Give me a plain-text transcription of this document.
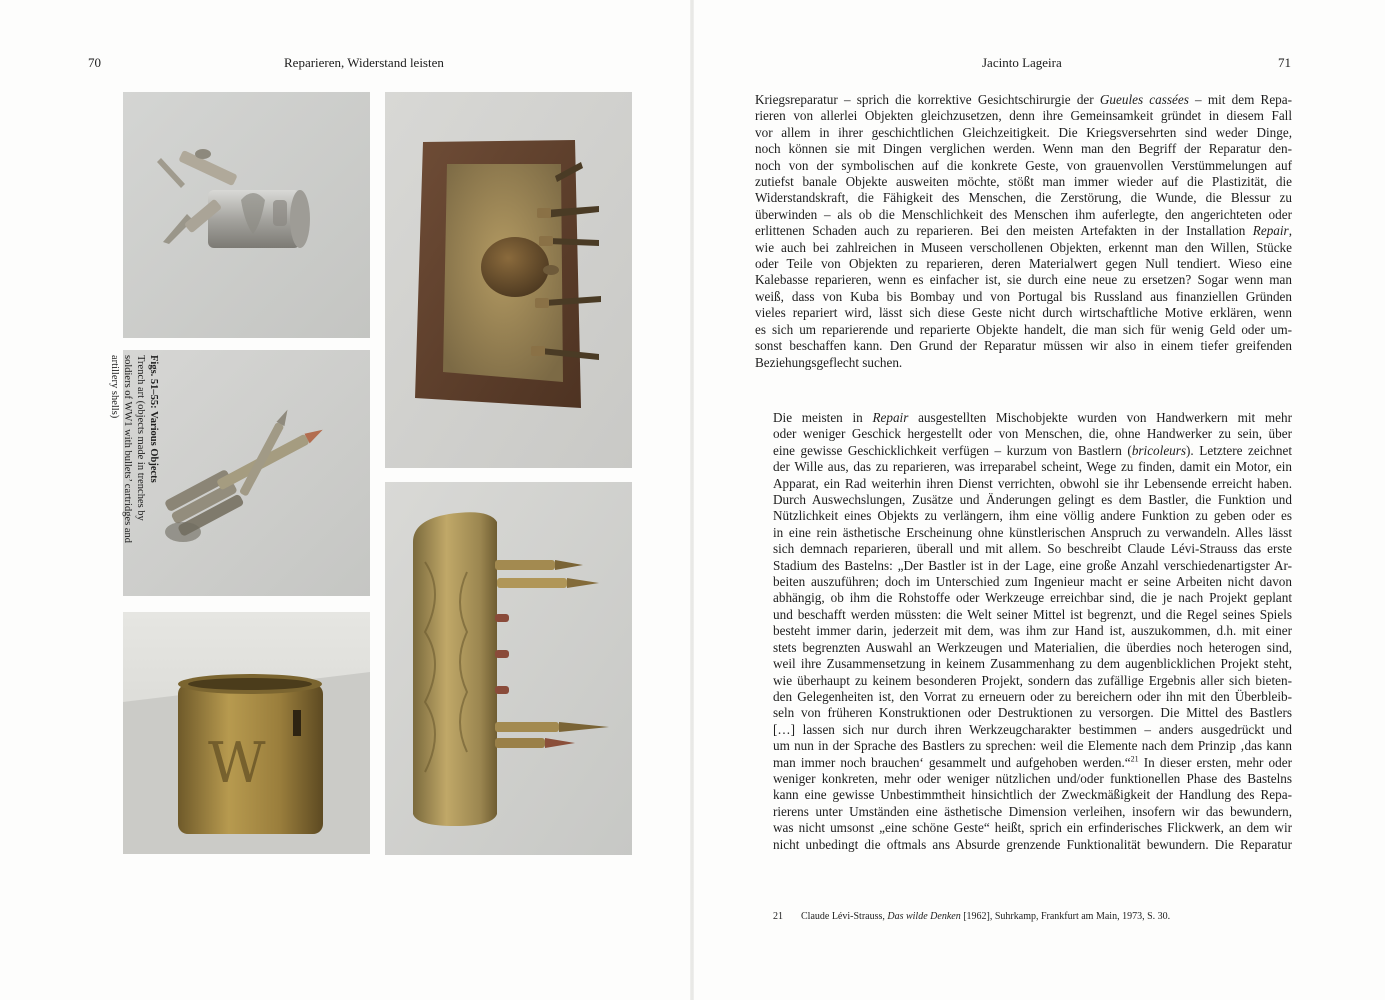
70	Reparieren, Widerstand leisten	Jacinto Lageira	71
W
Figs. 51–55: Various Objects
Trench art (objects made in trenches by soldiers of WW1 with bullets’ cartridges and artillery shells)
Kriegsreparatur – sprich die korrektive Gesichtschirurgie der Gueules cassées – mit dem Repa-
rieren von allerlei Objekten gleichzusetzen, denn ihre Gemeinsamkeit gründet in diesem Fall
vor allem in ihrer geschichtlichen Gleichzeitigkeit. Die Kriegsversehrten sind weder Dinge,
noch können sie mit Dingen verglichen werden. Wenn man den Begriff der Reparatur den-
noch von der symbolischen auf die konkrete Geste, von grauenvollen Verstümmelungen auf
zutiefst banale Objekte ausweiten möchte, stößt man immer wieder auf die Plastizität, die
Widerstandskraft, die Fähigkeit des Menschen, die Zerstörung, die Wunde, die Blessur zu
überwinden – als ob die Menschlichkeit des Menschen ihm auferlegte, den angerichteten oder
erlittenen Schaden auch zu reparieren. Bei den meisten Artefakten in der Installation Repair,
wie auch bei zahlreichen in Museen verschollenen Objekten, erkennt man den Willen, Stücke
oder Teile von Objekten zu reparieren, deren Materialwert gegen Null tendiert. Wieso eine
Kalebasse reparieren, wenn es einfacher ist, sie durch eine neue zu ersetzen? Sogar wenn man
weiß, dass von Kuba bis Bombay und von Portugal bis Russland aus finanziellen Gründen
vieles repariert wird, lässt sich diese Geste nicht durch wirtschaftliche Motive erklären, wenn
es sich um reparierende und reparierte Objekte handelt, die man sich für wenig Geld oder um-
sonst beschaffen kann. Den Grund der Reparatur müssen wir also in einem tiefer greifenden
Beziehungsgeflecht suchen.
Die meisten in Repair ausgestellten Mischobjekte wurden von Handwerkern mit mehr
oder weniger Geschick hergestellt oder von Menschen, die, ohne Handwerker zu sein, über
eine gewisse Geschicklichkeit verfügen – kurzum von Bastlern (bricoleurs). Letztere zeichnet
der Wille aus, das zu reparieren, was irreparabel scheint, Wege zu finden, damit ein Motor, ein
Apparat, ein Rad weiterhin ihren Dienst verrichten, obwohl sie ihr Lebensende erreicht haben.
Durch Auswechslungen, Zusätze und Änderungen gelingt es dem Bastler, die Funktion und
Nützlichkeit eines Objekts zu verlängern, ihm eine völlig andere Funktion zu geben oder es
in eine rein ästhetische Erscheinung ohne künstlerischen Anspruch zu verwandeln. Alles lässt
sich demnach reparieren, überall und mit allem. So beschreibt Claude Lévi-Strauss das erste
Stadium des Bastelns: „Der Bastler ist in der Lage, eine große Anzahl verschiedenartigster Ar-
beiten auszuführen; doch im Unterschied zum Ingenieur macht er seine Arbeiten nicht davon
abhängig, ob ihm die Rohstoffe oder Werkzeuge erreichbar sind, die je nach Projekt geplant
und beschafft werden müssten: die Welt seiner Mittel ist begrenzt, und die Regel seines Spiels
besteht immer darin, jederzeit mit dem, was ihm zur Hand ist, auszukommen, d.h. mit einer
stets begrenzten Auswahl an Werkzeugen und Materialien, die überdies noch heterogen sind,
weil ihre Zusammensetzung in keinem Zusammenhang zu dem augenblicklichen Projekt steht,
wie überhaupt zu keinem besonderen Projekt, sondern das zufällige Ergebnis aller sich bieten-
den Gelegenheiten ist, den Vorrat zu erneuern oder zu bereichern oder ihn mit den Überbleib-
seln von früheren Konstruktionen oder Destruktionen zu versorgen. Die Mittel des Bastlers
[…] lassen sich nur durch ihren Werkzeugcharakter bestimmen – anders ausgedrückt und
um nun in der Sprache des Bastlers zu sprechen: weil die Elemente nach dem Prinzip ‚das kann
man immer noch brauchen‘ gesammelt und aufgehoben werden.“$^{21}$ In dieser ersten, mehr oder
weniger konkreten, mehr oder weniger nützlichen und/oder funktionellen Phase des Bastelns
kann eine gewisse Unbestimmtheit hinsichtlich der Zweckmäßigkeit der Handlung des Repa-
rierens unter Umständen eine ästhetische Dimension verleihen, insofern wir das bewundern,
was nicht umsonst „eine schöne Geste“ heißt, sprich ein erfinderisches Flickwerk, an dem wir
nicht unbedingt die oftmals ans Absurde grenzende Funktionalität bewundern. Die Reparatur
21 Claude Lévi-Strauss, Das wilde Denken [1962], Suhrkamp, Frankfurt am Main, 1973, S. 30.
